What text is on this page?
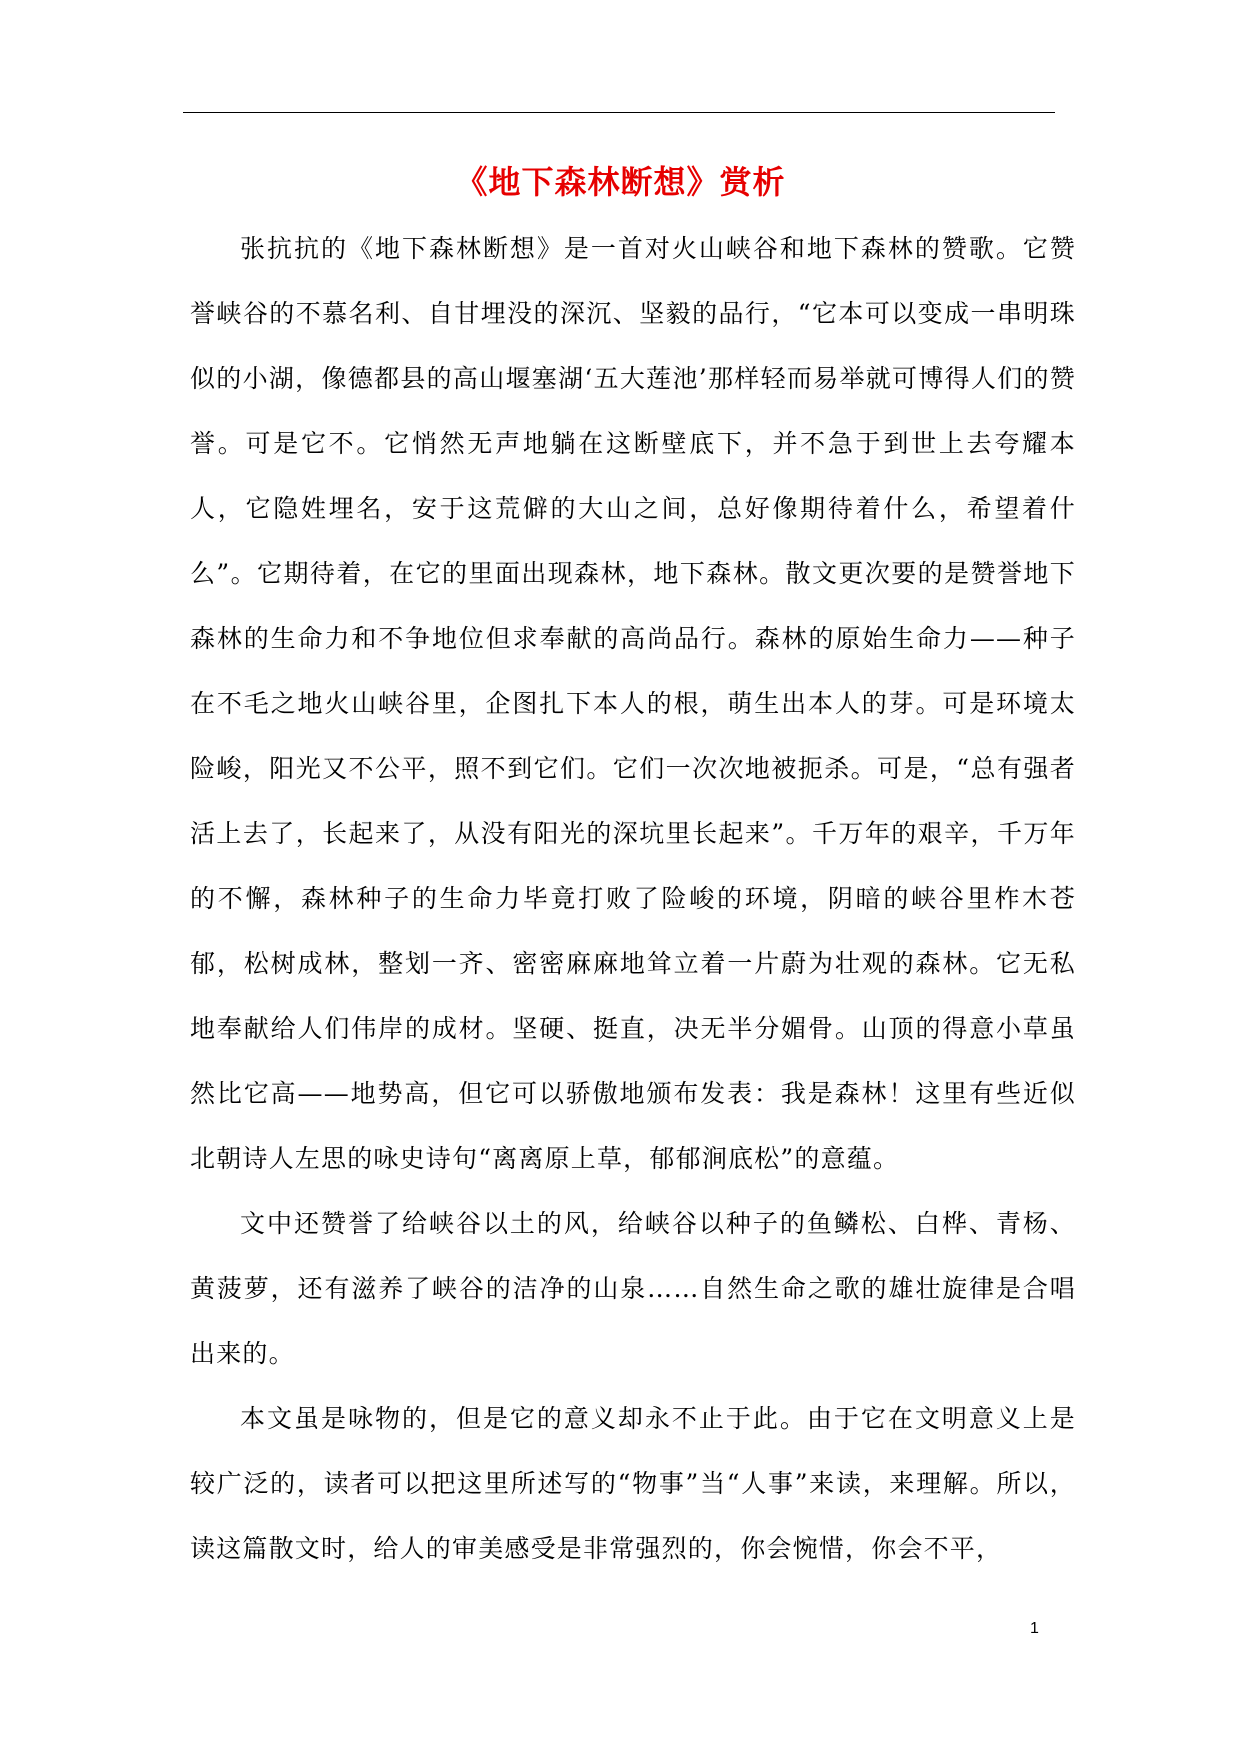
《地下森林断想》赏析

张抗抗的《地下森林断想》是一首对火山峡谷和地下森林的赞歌。它赞誉峡谷的不慕名利、自甘埋没的深沉、坚毅的品行，“它本可以变成一串明珠似的小湖，像德都县的高山堰塞湖‘五大莲池’那样轻而易举就可博得人们的赞誉。可是它不。它悄然无声地躺在这断壁底下，并不急于到世上去夸耀本人，它隐姓埋名，安于这荒僻的大山之间，总好像期待着什么，希望着什么”。它期待着，在它的里面出现森林，地下森林。散文更次要的是赞誉地下森林的生命力和不争地位但求奉献的高尚品行。森林的原始生命力——种子在不毛之地火山峡谷里，企图扎下本人的根，萌生出本人的芽。可是环境太险峻，阳光又不公平，照不到它们。它们一次次地被扼杀。可是，“总有强者活上去了，长起来了，从没有阳光的深坑里长起来”。千万年的艰辛，千万年的不懈，森林种子的生命力毕竟打败了险峻的环境，阴暗的峡谷里柞木苍郁，松树成林，整划一齐、密密麻麻地耸立着一片蔚为壮观的森林。它无私地奉献给人们伟岸的成材。坚硬、挺直，决无半分媚骨。山顶的得意小草虽然比它高——地势高，但它可以骄傲地颁布发表：我是森林！这里有些近似北朝诗人左思的咏史诗句“离离原上草，郁郁涧底松”的意蕴。

文中还赞誉了给峡谷以土的风，给峡谷以种子的鱼鳞松、白桦、青杨、黄菠萝，还有滋养了峡谷的洁净的山泉……自然生命之歌的雄壮旋律是合唱出来的。

本文虽是咏物的，但是它的意义却永不止于此。由于它在文明意义上是较广泛的，读者可以把这里所述写的“物事”当“人事”来读，来理解。所以，读这篇散文时，给人的审美感受是非常强烈的，你会惋惜，你会不平，

1
